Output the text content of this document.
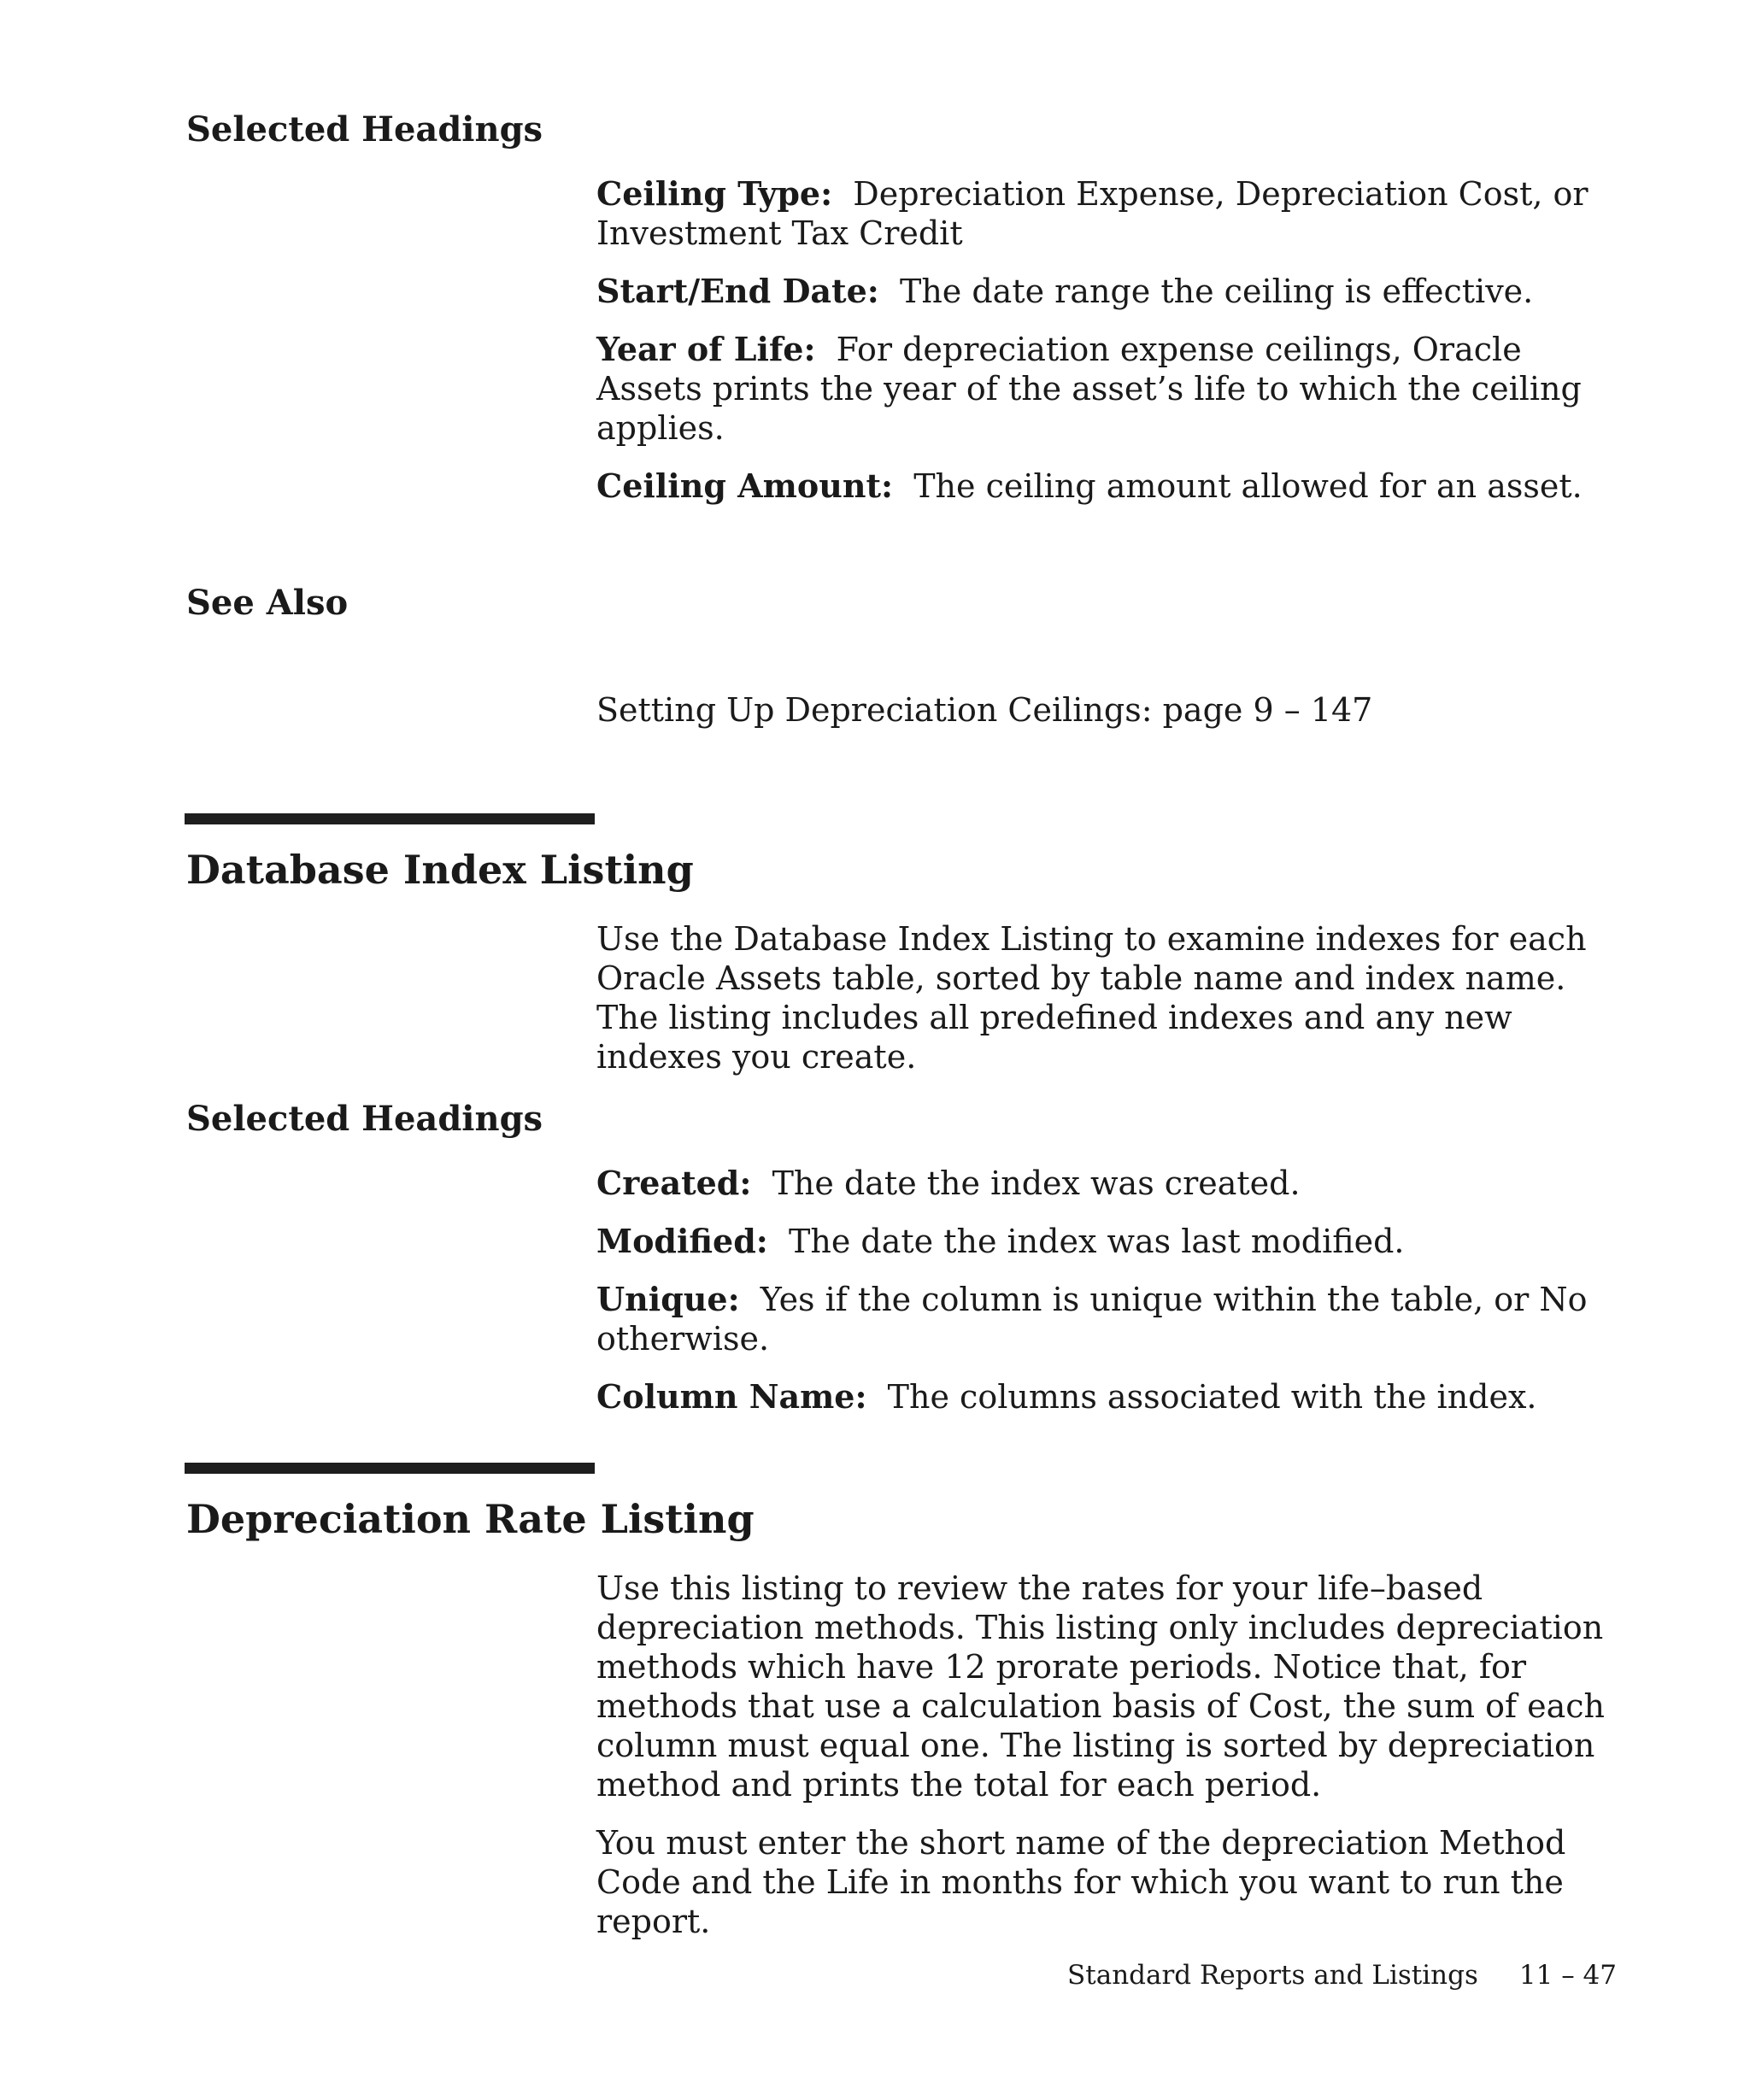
Selected Headings

Ceiling Type: Depreciation Expense, Depreciation Cost, or Investment Tax Credit

Start/End Date: The date range the ceiling is effective.

Year of Life: For depreciation expense ceilings, Oracle Assets prints the year of the asset’s life to which the ceiling applies.

Ceiling Amount: The ceiling amount allowed for an asset.

See Also

Setting Up Depreciation Ceilings: page 9 – 147

Database Index Listing

Use the Database Index Listing to examine indexes for each Oracle Assets table, sorted by table name and index name. The listing includes all predefined indexes and any new indexes you create.

Selected Headings

Created: The date the index was created.

Modified: The date the index was last modified.

Unique: Yes if the column is unique within the table, or No otherwise.

Column Name: The columns associated with the index.

Depreciation Rate Listing

Use this listing to review the rates for your life–based depreciation methods. This listing only includes depreciation methods which have 12 prorate periods. Notice that, for methods that use a calculation basis of Cost, the sum of each column must equal one. The listing is sorted by depreciation method and prints the total for each period.

You must enter the short name of the depreciation Method Code and the Life in months for which you want to run the report.

Standard Reports and Listings 11 – 47
